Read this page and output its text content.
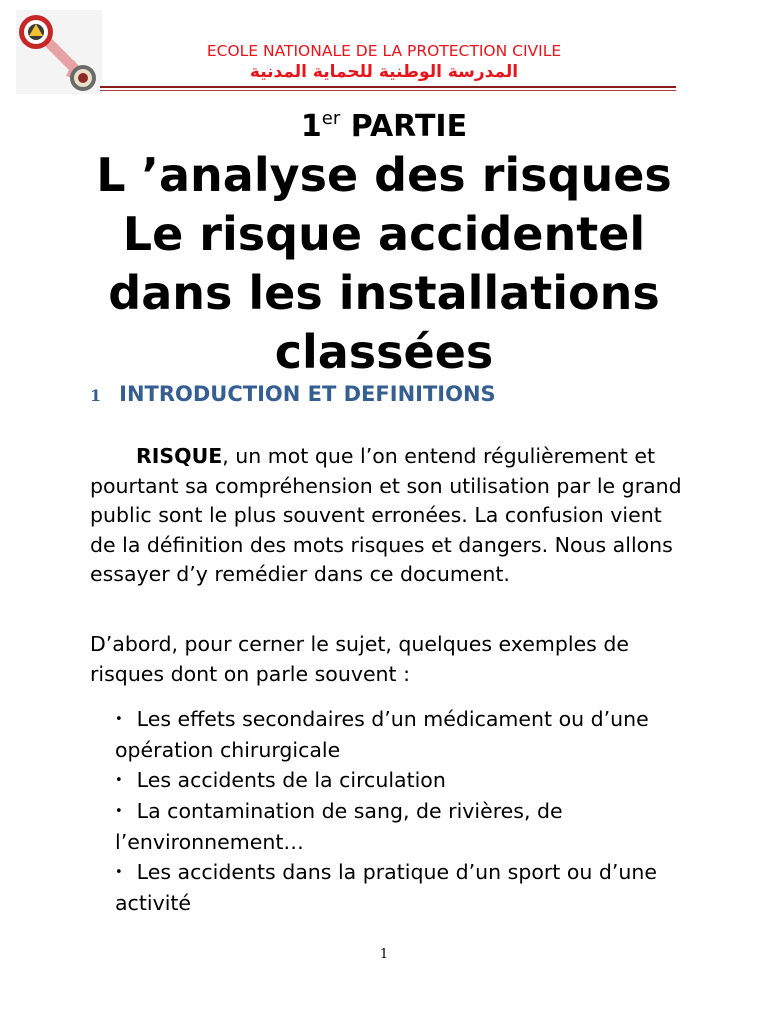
ECOLE NATIONALE DE LA PROTECTION CIVILE
المدرسة الوطنية للحماية المدنية
1er PARTIE
L ’analyse des risques
Le risque accidentel
dans les installations
classées
1 INTRODUCTION ET DEFINITIONS

RISQUE, un mot que l’on entend régulièrement et pourtant sa compréhension et son utilisation par le grand public sont le plus souvent erronées. La confusion vient de la définition des mots risques et dangers. Nous allons essayer d’y remédier dans ce document.

D’abord, pour cerner le sujet, quelques exemples de risques dont on parle souvent :

• Les effets secondaires d’un médicament ou d’une opération chirurgicale
• Les accidents de la circulation
• La contamination de sang, de rivières, de l’environnement…
• Les accidents dans la pratique d’un sport ou d’une activité
1
